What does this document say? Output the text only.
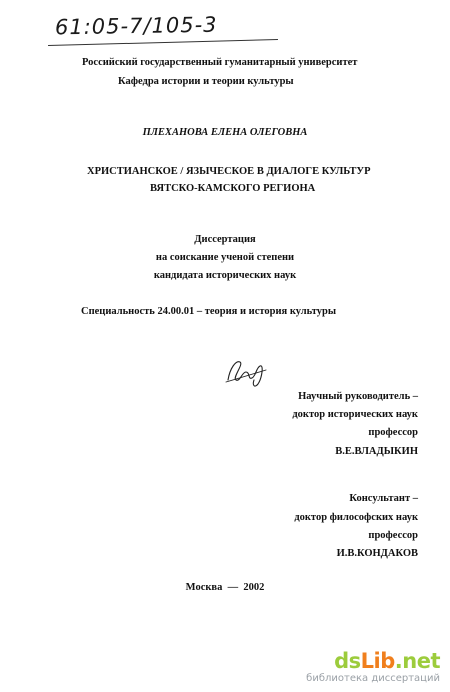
61:05-7/105-3
Российский государственный гуманитарный университет
Кафедра истории и теории культуры
ПЛЕХАНОВА ЕЛЕНА ОЛЕГОВНА
ХРИСТИАНСКОЕ / ЯЗЫЧЕСКОЕ В ДИАЛОГЕ КУЛЬТУР
ВЯТСКО-КАМСКОГО РЕГИОНА
Диссертация
на соискание ученой степени
кандидата исторических наук
Специальность 24.00.01 – теория и история культуры
Научный руководитель –
доктор исторических наук
профессор
В.Е.ВЛАДЫКИН
Консультант –
доктор философских наук
профессор
И.В.КОНДАКОВ
Москва  —  2002
dsLib.net
библиотека диссертаций
